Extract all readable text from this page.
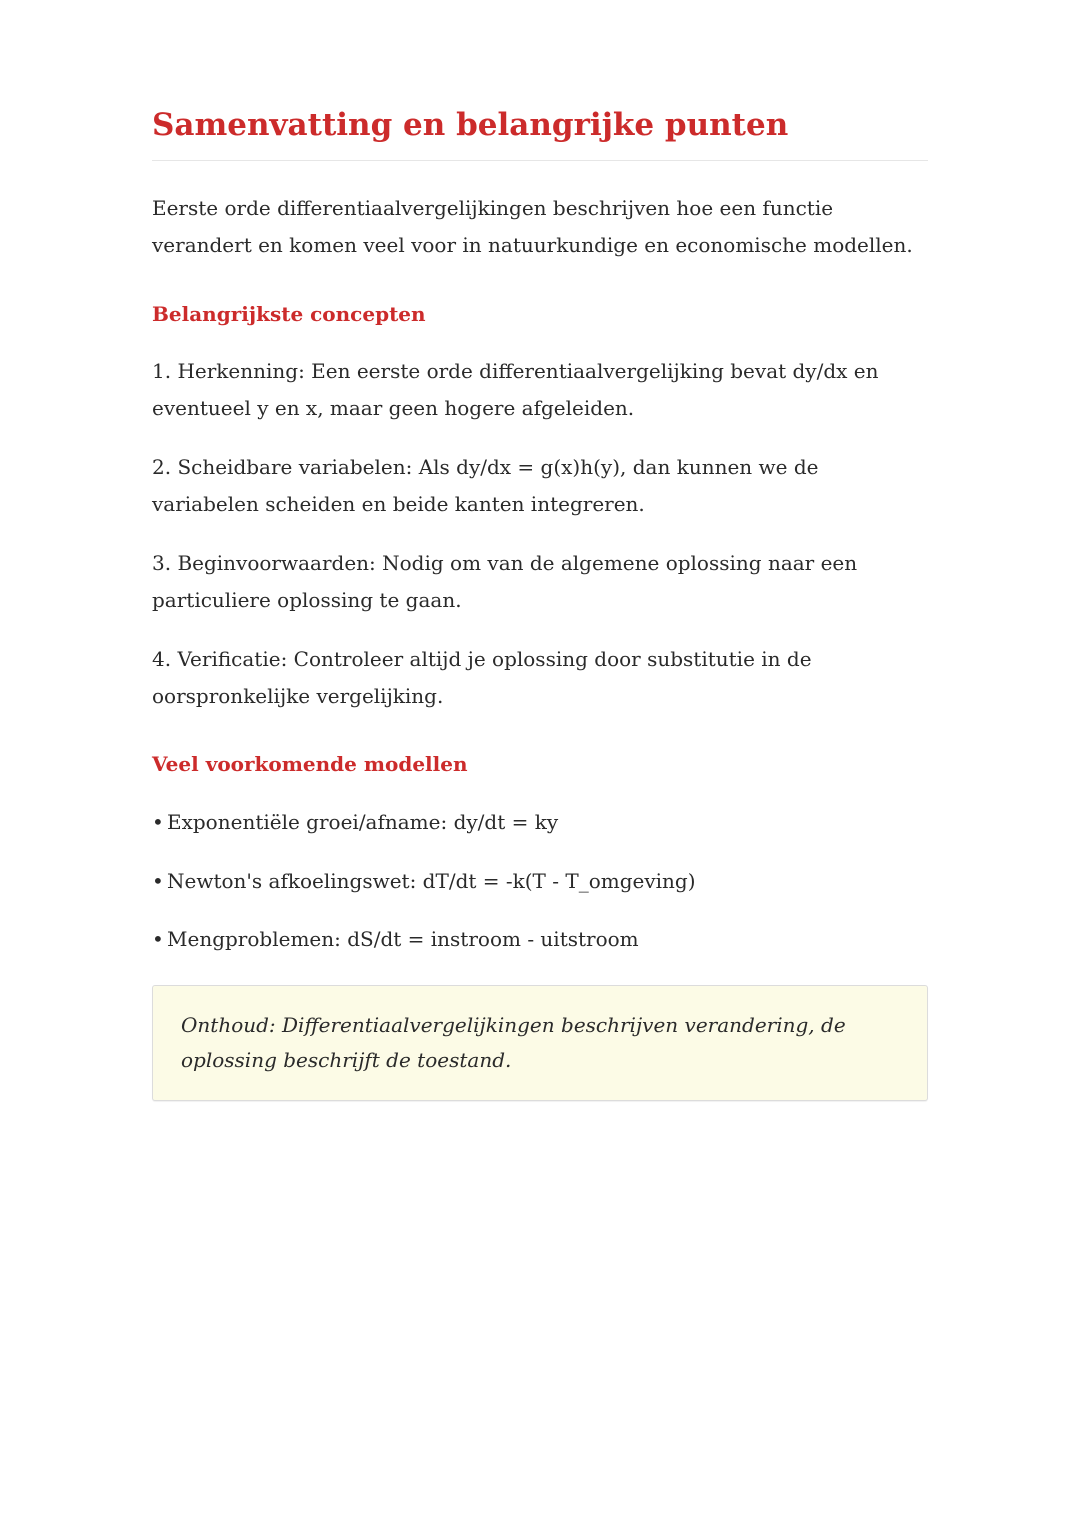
Samenvatting en belangrijke punten

Eerste orde differentiaalvergelijkingen beschrijven hoe een functie verandert en komen veel voor in natuurkundige en economische modellen.

Belangrijkste concepten

1. Herkenning: Een eerste orde differentiaalvergelijking bevat dy/dx en eventueel y en x, maar geen hogere afgeleiden.

2. Scheidbare variabelen: Als dy/dx = g(x)h(y), dan kunnen we de variabelen scheiden en beide kanten integreren.

3. Beginvoorwaarden: Nodig om van de algemene oplossing naar een particuliere oplossing te gaan.

4. Verificatie: Controleer altijd je oplossing door substitutie in de oorspronkelijke vergelijking.

Veel voorkomende modellen

• Exponentiële groei/afname: dy/dt = ky

• Newton's afkoelingswet: dT/dt = -k(T - T_omgeving)

• Mengproblemen: dS/dt = instroom - uitstroom

Onthoud: Differentiaalvergelijkingen beschrijven verandering, de oplossing beschrijft de toestand.
